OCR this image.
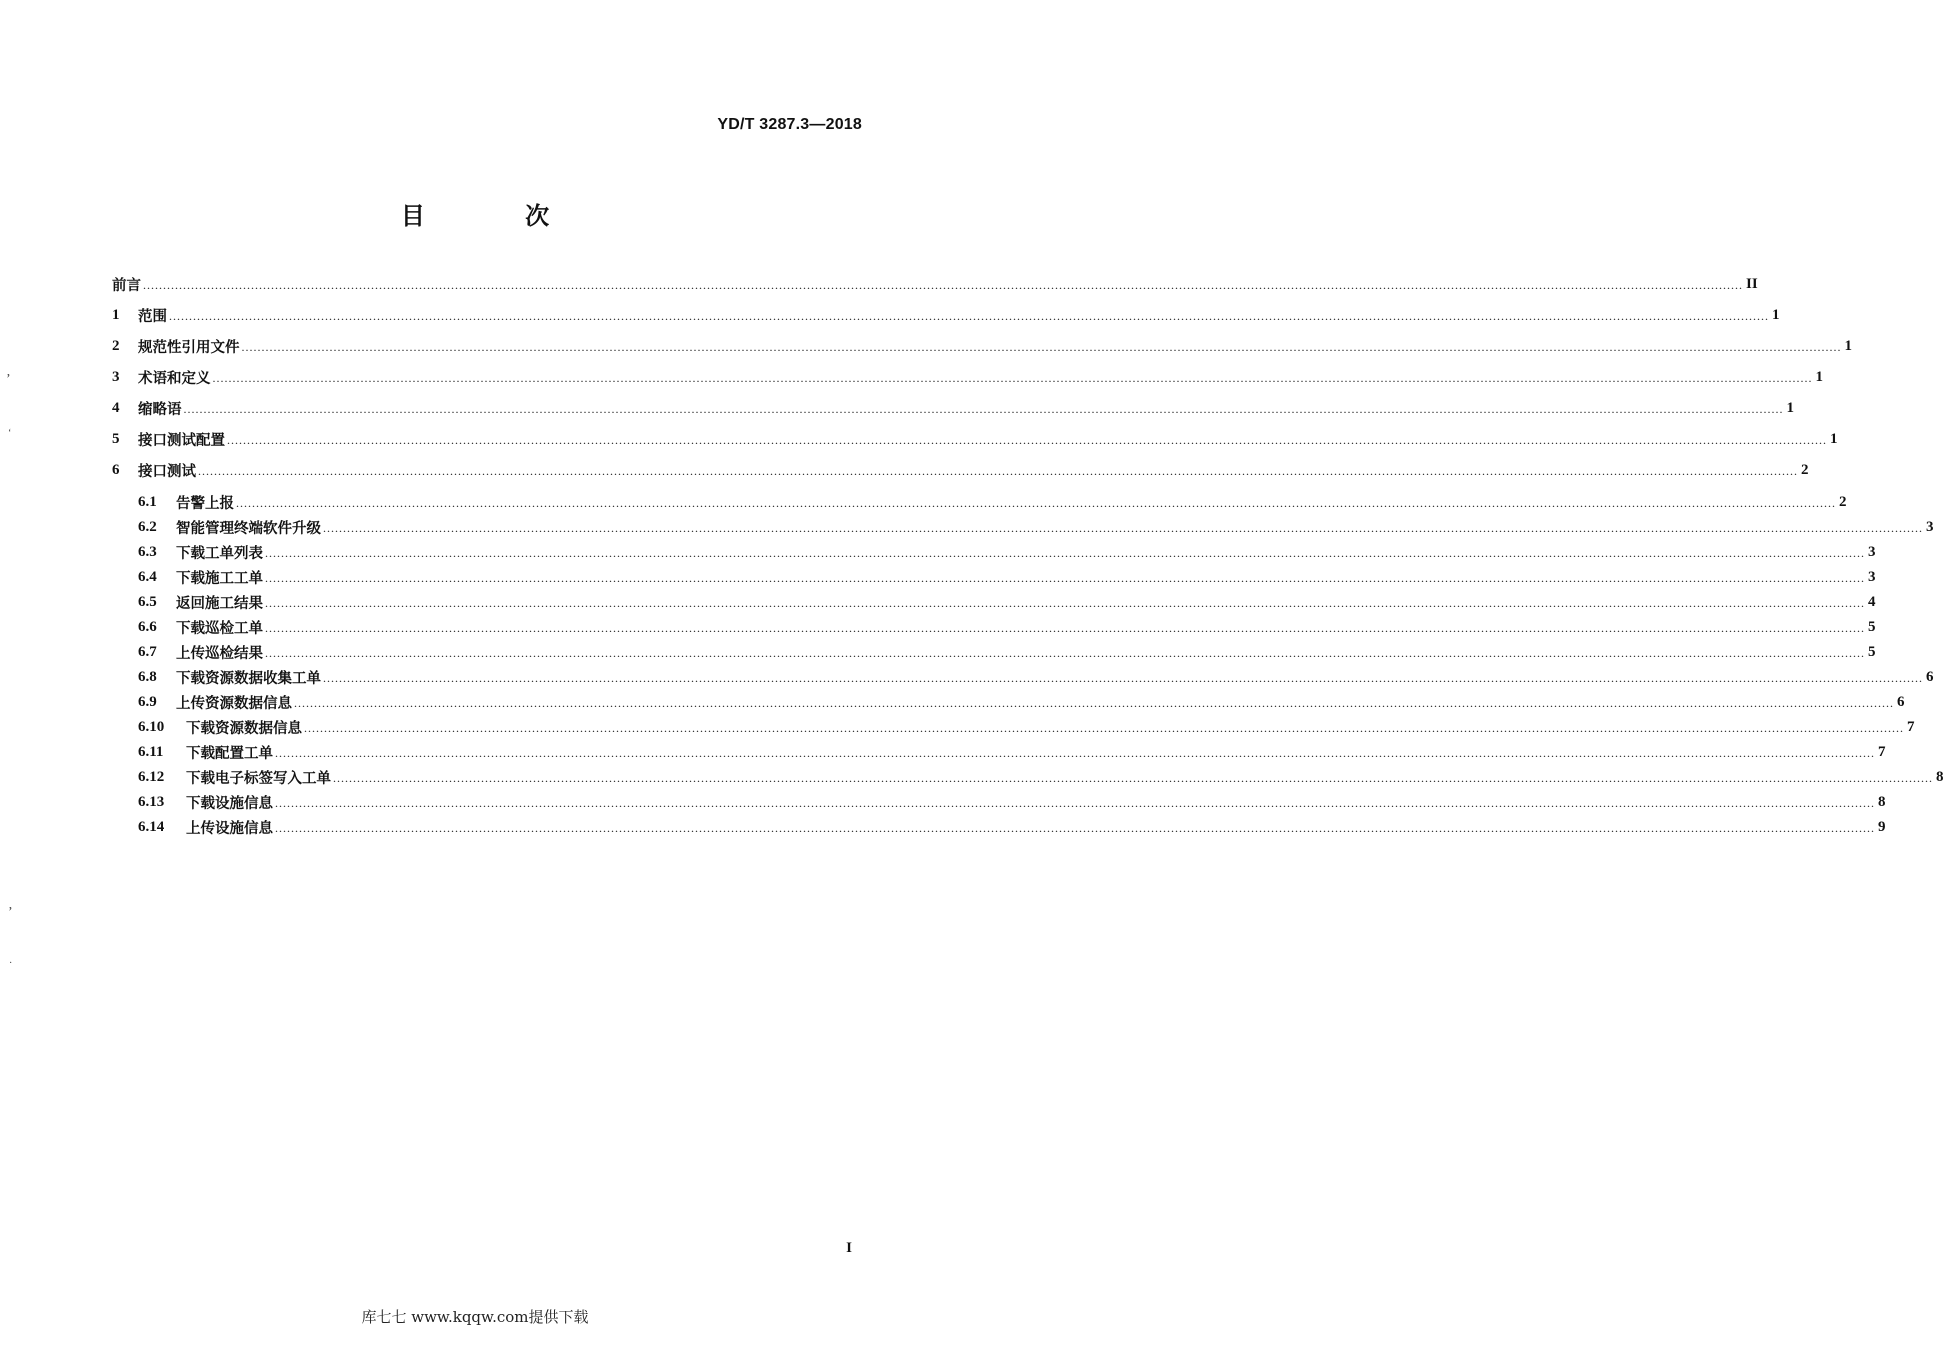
YD/T 3287.3—2018
目 次
前言 ................................................................................................................................................................................................................................................................................................................................................................................................................ II
1	范围 ................................................................................................................................................................................................................................................................................................................................................................................................................ 1
2	规范性引用文件 ................................................................................................................................................................................................................................................................................................................................................................................................................ 1
3	术语和定义 ................................................................................................................................................................................................................................................................................................................................................................................................................ 1
4	缩略语 ................................................................................................................................................................................................................................................................................................................................................................................................................ 1
5	接口测试配置 ................................................................................................................................................................................................................................................................................................................................................................................................................ 1
6	接口测试 ................................................................................................................................................................................................................................................................................................................................................................................................................ 2
6.1	告警上报 ................................................................................................................................................................................................................................................................................................................................................................................................................ 2
6.2	智能管理终端软件升级 ................................................................................................................................................................................................................................................................................................................................................................................................................ 3
6.3	下载工单列表 ................................................................................................................................................................................................................................................................................................................................................................................................................ 3
6.4	下载施工工单 ................................................................................................................................................................................................................................................................................................................................................................................................................ 3
6.5	返回施工结果 ................................................................................................................................................................................................................................................................................................................................................................................................................ 4
6.6	下载巡检工单 ................................................................................................................................................................................................................................................................................................................................................................................................................ 5
6.7	上传巡检结果 ................................................................................................................................................................................................................................................................................................................................................................................................................ 5
6.8	下载资源数据收集工单 ................................................................................................................................................................................................................................................................................................................................................................................................................ 6
6.9	上传资源数据信息 ................................................................................................................................................................................................................................................................................................................................................................................................................ 6
6.10	下载资源数据信息 ................................................................................................................................................................................................................................................................................................................................................................................................................ 7
6.11	下载配置工单 ................................................................................................................................................................................................................................................................................................................................................................................................................ 7
6.12	下载电子标签写入工单 ................................................................................................................................................................................................................................................................................................................................................................................................................ 8
6.13	下载设施信息 ................................................................................................................................................................................................................................................................................................................................................................................................................ 8
6.14	上传设施信息 ................................................................................................................................................................................................................................................................................................................................................................................................................ 9
I
库七七 www.kqqw.com提供下载
’
‘
’
·
